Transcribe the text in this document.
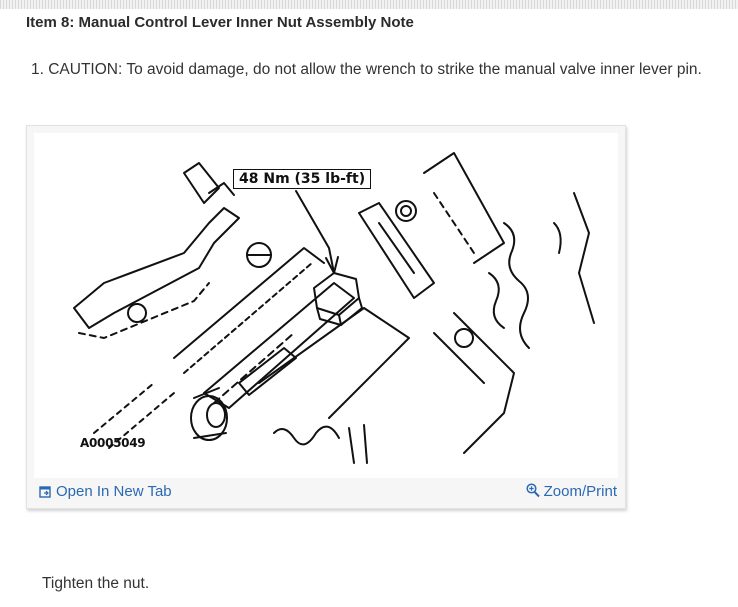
Item 8: Manual Control Lever Inner Nut Assembly Note
1. CAUTION: To avoid damage, do not allow the wrench to strike the manual valve inner lever pin.
48 Nm (35 lb-ft)
A0005049
Open In New Tab	Zoom/Print
Tighten the nut.
